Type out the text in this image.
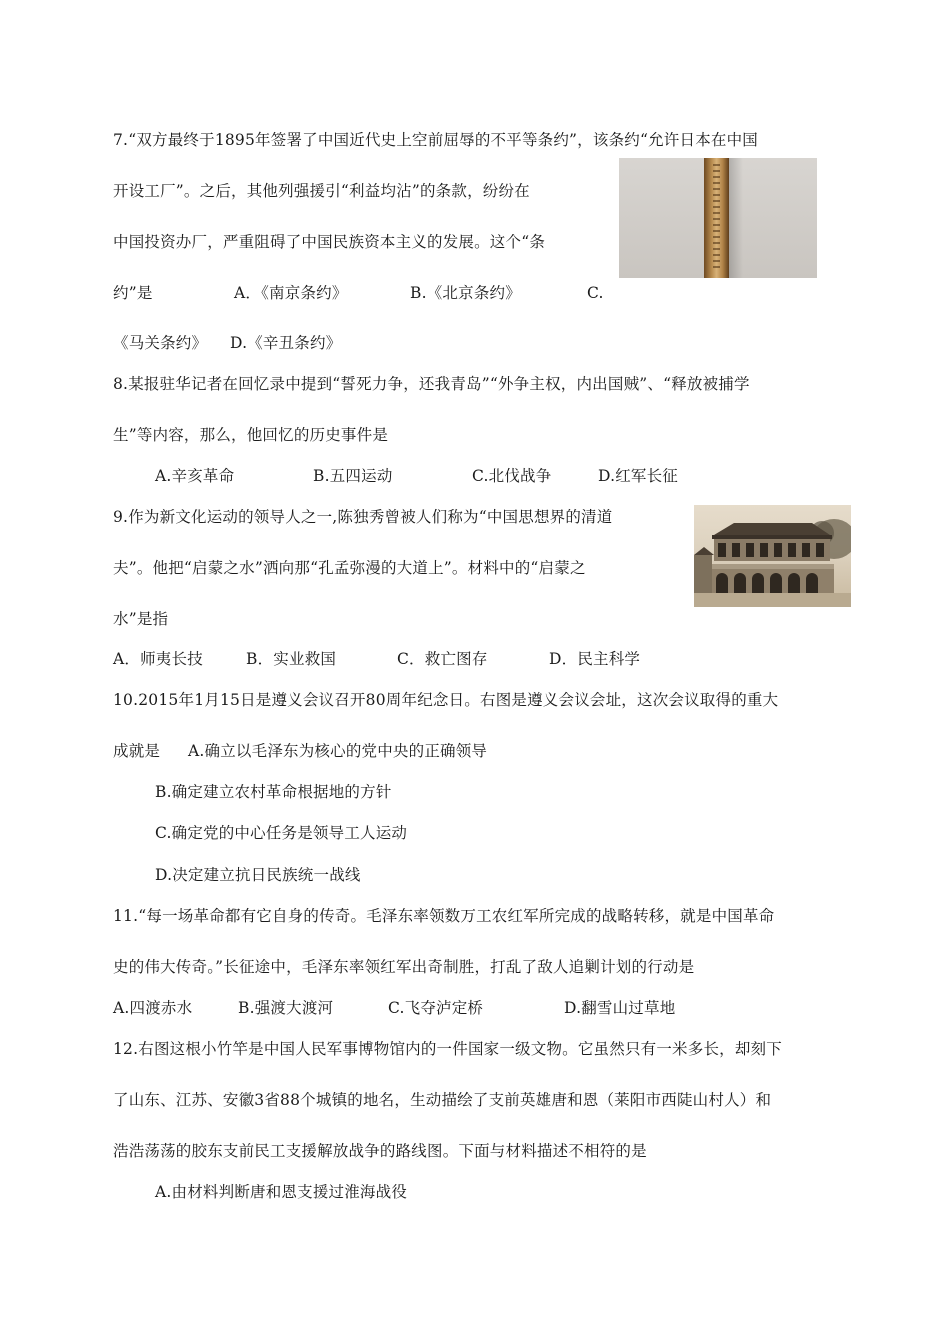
7.“双方最终于1895年签署了中国近代史上空前屈辱的不平等条约”，该条约“允许日本在中国
开设工厂”。之后，其他列强援引“利益均沾”的条款，纷纷在
中国投资办厂，严重阻碍了中国民族资本主义的发展。这个“条
约”是	A．《南京条约》	B.《北京条约》	C.
《马关条约》 D.《辛丑条约》
8.某报驻华记者在回忆录中提到“誓死力争，还我青岛”“外争主权，内出国贼”、“释放被捕学
生”等内容，那么，他回忆的历史事件是
A.辛亥革命	B.五四运动	C.北伐战争	D.红军长征
9.作为新文化运动的领导人之一,陈独秀曾被人们称为“中国思想界的清道
夫”。他把“启蒙之水”洒向那“孔孟弥漫的大道上”。材料中的“启蒙之
水”是指
A．师夷长技	B．实业救国	C．救亡图存	D．民主科学
10.2015年1月15日是遵义会议召开80周年纪念日。右图是遵义会议会址，这次会议取得的重大
成就是 A.确立以毛泽东为核心的党中央的正确领导
B.确定建立农村革命根据地的方针
C.确定党的中心任务是领导工人运动
D.决定建立抗日民族统一战线
11.“每一场革命都有它自身的传奇。毛泽东率领数万工农红军所完成的战略转移，就是中国革命
史的伟大传奇。”长征途中，毛泽东率领红军出奇制胜，打乱了敌人追剿计划的行动是
A.四渡赤水	B.强渡大渡河	C.飞夺泸定桥	D.翻雪山过草地
12.右图这根小竹竿是中国人民军事博物馆内的一件国家一级文物。它虽然只有一米多长，却刻下
了山东、江苏、安徽3省88个城镇的地名，生动描绘了支前英雄唐和恩（莱阳市西陡山村人）和
浩浩荡荡的胶东支前民工支援解放战争的路线图。下面与材料描述不相符的是
A.由材料判断唐和恩支援过淮海战役
